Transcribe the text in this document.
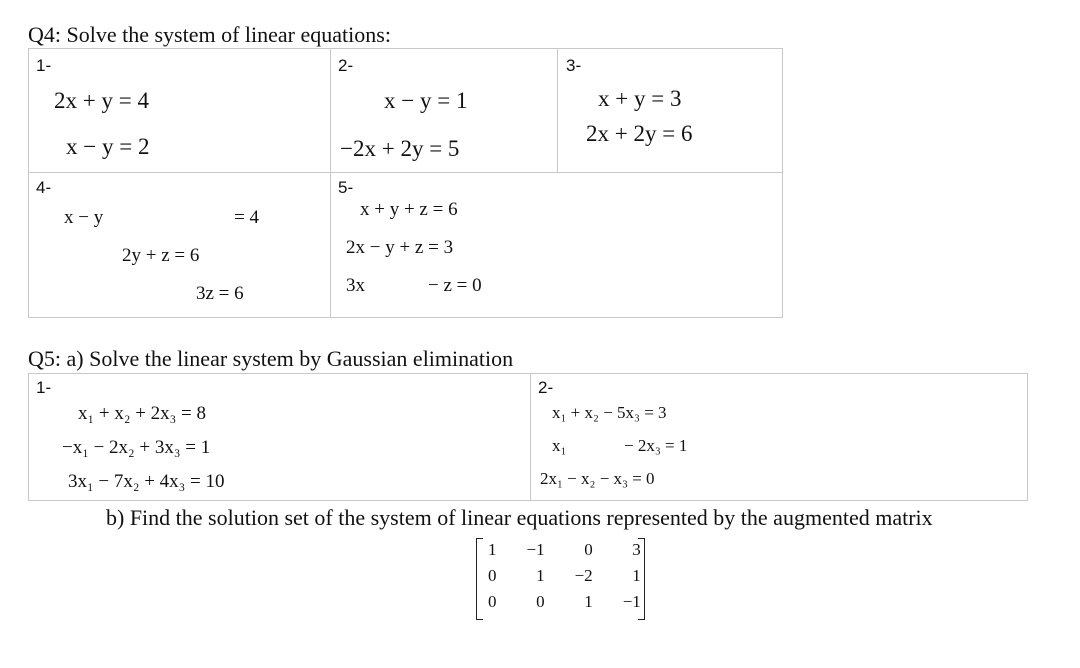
Q4: Solve the system of linear equations:
1-	2-	3-
4-	5-
2x + y = 4
x − y = 2
x − y = 1
−2x + 2y = 5
x + y = 3
2x + 2y = 6
x − y	= 4
2y + z = 6
3z = 6
x + y + z = 6
2x − y + z = 3
3x	− z = 0
Q5: a) Solve the linear system by Gaussian elimination
1-	2-
x₁ + x₂ + 2x₃ = 8
−x₁ − 2x₂ + 3x₃ = 1
3x₁ − 7x₂ + 4x₃ = 10
x₁ + x₂ − 5x₃ = 3
x₁	− 2x₃ = 1
2x₁ − x₂ − x₃ = 0
b) Find the solution set of the system of linear equations represented by the augmented matrix
1	−1	0	3
0	1	−2	1
0	0	1	−1
